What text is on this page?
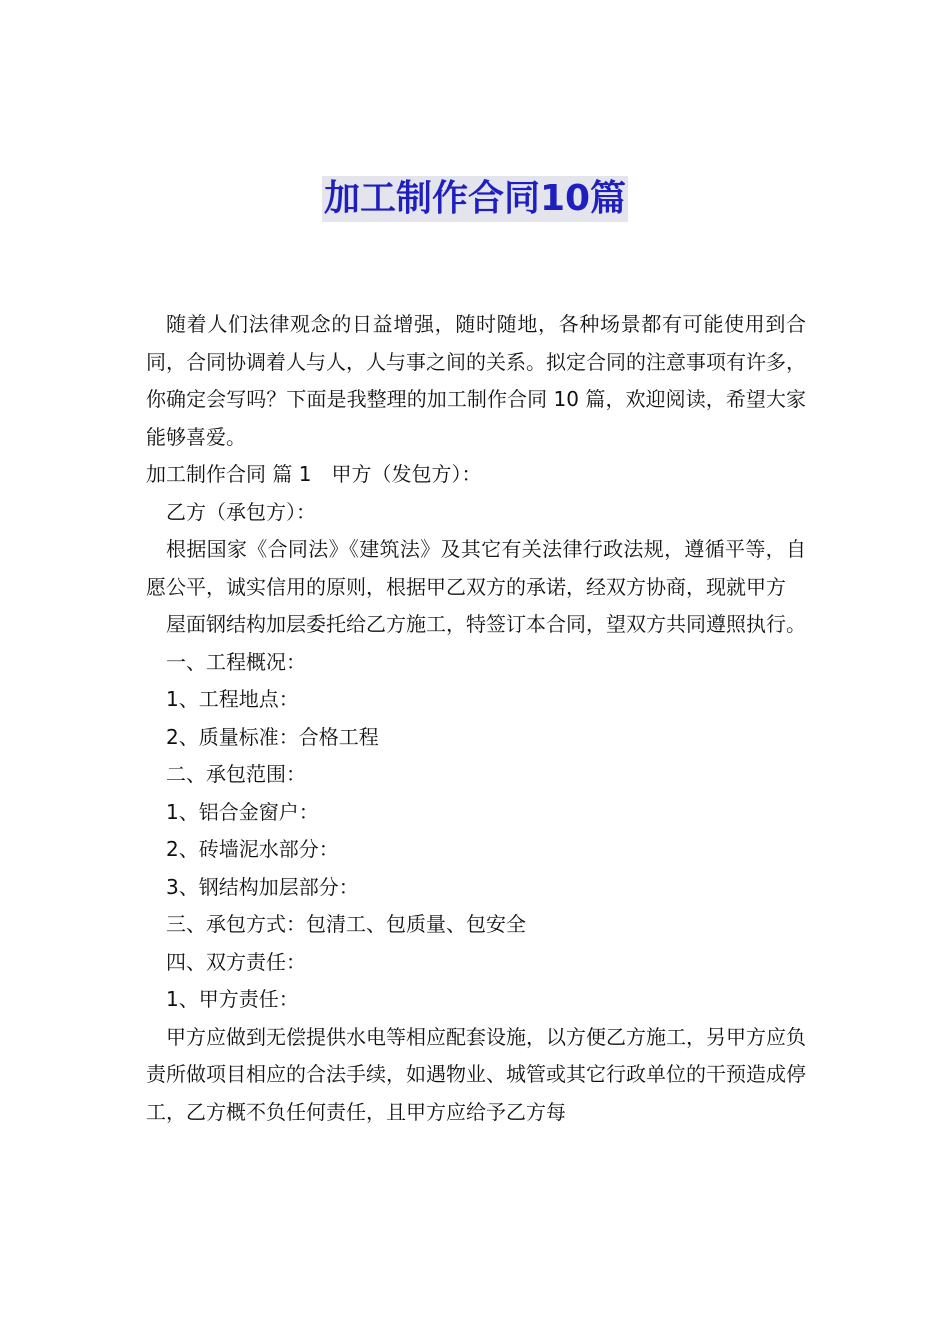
加工制作合同10篇

随着人们法律观念的日益增强，随时随地，各种场景都有可能使用到合同，合同协调着人与人，人与事之间的关系。拟定合同的注意事项有许多，你确定会写吗？下面是我整理的加工制作合同 10 篇，欢迎阅读，希望大家能够喜爱。

加工制作合同 篇 1　甲方（发包方）：

乙方（承包方）：

根据国家《合同法》《建筑法》及其它有关法律行政法规，遵循平等，自愿公平，诚实信用的原则，根据甲乙双方的承诺，经双方协商，现就甲方

屋面钢结构加层委托给乙方施工，特签订本合同，望双方共同遵照执行。

一、工程概况：

1、工程地点：

2、质量标准：合格工程

二、承包范围：

1、铝合金窗户：

2、砖墙泥水部分：

3、钢结构加层部分：

三、承包方式：包清工、包质量、包安全

四、双方责任：

1、甲方责任：

甲方应做到无偿提供水电等相应配套设施，以方便乙方施工，另甲方应负责所做项目相应的合法手续，如遇物业、城管或其它行政单位的干预造成停工，乙方概不负任何责任，且甲方应给予乙方每
